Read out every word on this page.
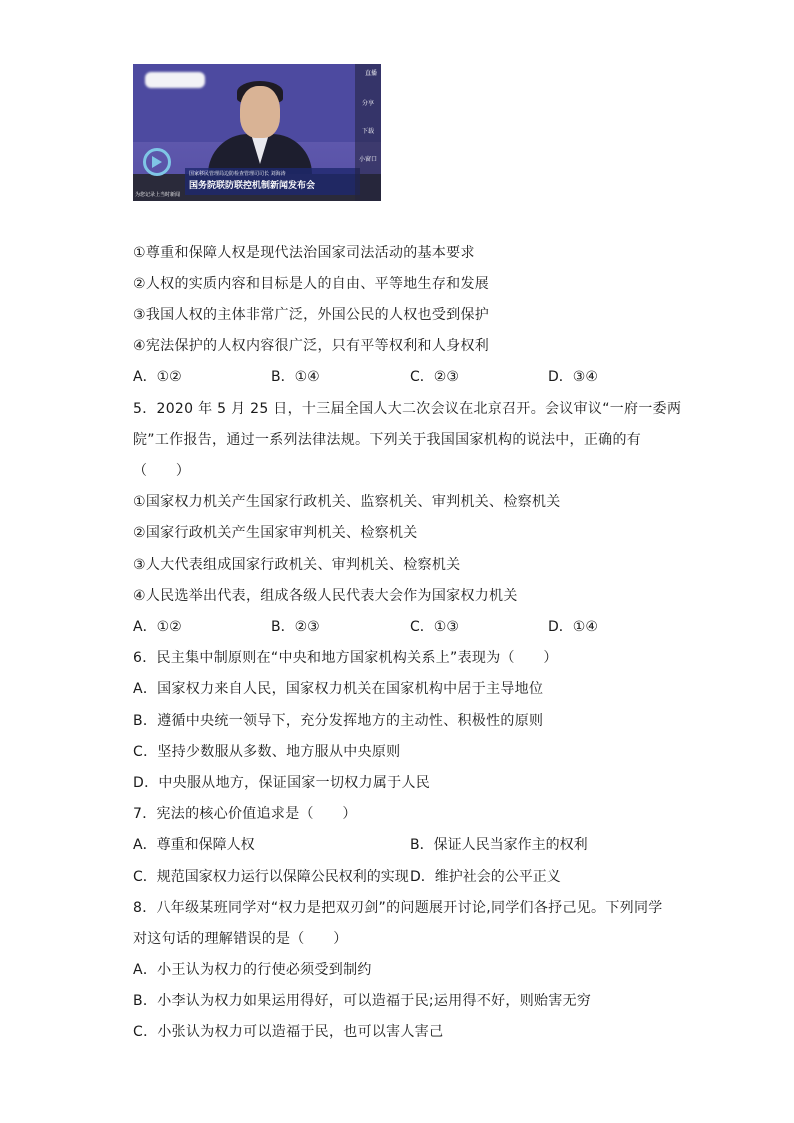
国家移民管理局边防检查管理司司长 刘海涛
国务院联防联控机制新闻发布会
为您记录上当时新闻
直播
分享
下载
小窗口
①尊重和保障人权是现代法治国家司法活动的基本要求
②人权的实质内容和目标是人的自由、平等地生存和发展
③我国人权的主体非常广泛，外国公民的人权也受到保护
④宪法保护的人权内容很广泛，只有平等权利和人身权利
A．①②	B．①④	C．②③	D．③④
5．2020 年 5 月 25 日，十三届全国人大二次会议在北京召开。会议审议“一府一委两
院”工作报告，通过一系列法律法规。下列关于我国国家机构的说法中，正确的有
（　　）
①国家权力机关产生国家行政机关、监察机关、审判机关、检察机关
②国家行政机关产生国家审判机关、检察机关
③人大代表组成国家行政机关、审判机关、检察机关
④人民选举出代表，组成各级人民代表大会作为国家权力机关
A．①②	B．②③	C．①③	D．①④
6．民主集中制原则在“中央和地方国家机构关系上”表现为（　　）
A．国家权力来自人民，国家权力机关在国家机构中居于主导地位
B．遵循中央统一领导下，充分发挥地方的主动性、积极性的原则
C．坚持少数服从多数、地方服从中央原则
D．中央服从地方，保证国家一切权力属于人民
7．宪法的核心价值追求是（　　）
A．尊重和保障人权	B．保证人民当家作主的权利
C．规范国家权力运行以保障公民权利的实现 D．维护社会的公平正义
8．八年级某班同学对“权力是把双刃剑”的问题展开讨论,同学们各抒己见。下列同学
对这句话的理解错误的是（　　）
A．小王认为权力的行使必须受到制约
B．小李认为权力如果运用得好，可以造福于民;运用得不好，则贻害无穷
C．小张认为权力可以造福于民，也可以害人害己
